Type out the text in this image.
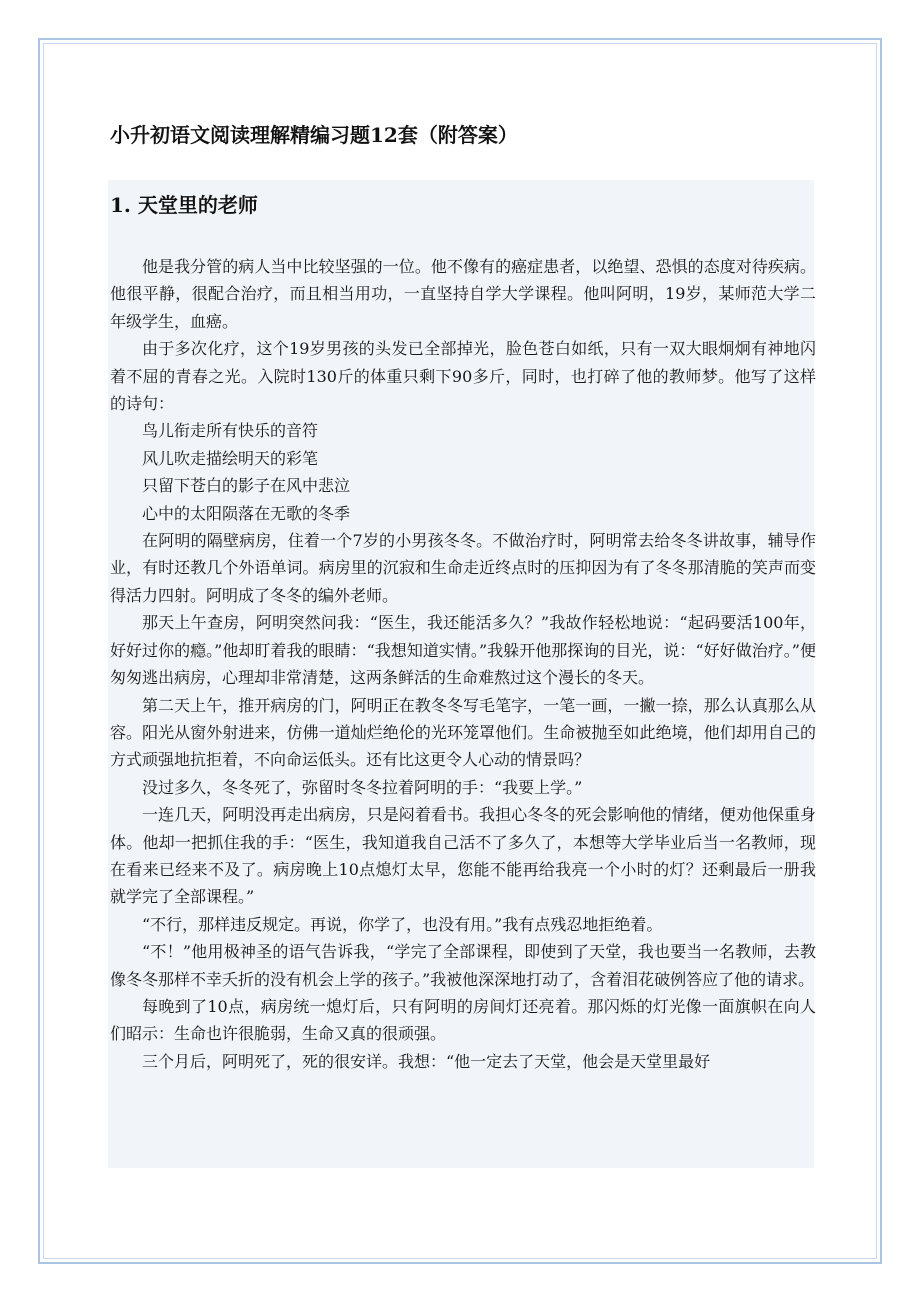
小升初语文阅读理解精编习题12套（附答案）
1. 天堂里的老师

他是我分管的病人当中比较坚强的一位。他不像有的癌症患者，以绝望、恐惧的态度对待疾病。他很平静，很配合治疗，而且相当用功，一直坚持自学大学课程。他叫阿明，19岁，某师范大学二年级学生，血癌。

由于多次化疗，这个19岁男孩的头发已全部掉光，脸色苍白如纸，只有一双大眼炯炯有神地闪着不屈的青春之光。入院时130斤的体重只剩下90多斤，同时，也打碎了他的教师梦。他写了这样的诗句：

鸟儿衔走所有快乐的音符

风儿吹走描绘明天的彩笔

只留下苍白的影子在风中悲泣

心中的太阳陨落在无歌的冬季

在阿明的隔壁病房，住着一个7岁的小男孩冬冬。不做治疗时，阿明常去给冬冬讲故事，辅导作业，有时还教几个外语单词。病房里的沉寂和生命走近终点时的压抑因为有了冬冬那清脆的笑声而变得活力四射。阿明成了冬冬的编外老师。

那天上午查房，阿明突然问我：“医生，我还能活多久？”我故作轻松地说：“起码要活100年，好好过你的瘾。”他却盯着我的眼睛：“我想知道实情。”我躲开他那探询的目光，说：“好好做治疗。”便匆匆逃出病房，心理却非常清楚，这两条鲜活的生命难熬过这个漫长的冬天。

第二天上午，推开病房的门，阿明正在教冬冬写毛笔字，一笔一画，一撇一捺，那么认真那么从容。阳光从窗外射进来，仿佛一道灿烂绝伦的光环笼罩他们。生命被抛至如此绝境，他们却用自己的方式顽强地抗拒着，不向命运低头。还有比这更令人心动的情景吗？

没过多久，冬冬死了，弥留时冬冬拉着阿明的手：“我要上学。”

一连几天，阿明没再走出病房，只是闷着看书。我担心冬冬的死会影响他的情绪，便劝他保重身体。他却一把抓住我的手：“医生，我知道我自己活不了多久了，本想等大学毕业后当一名教师，现在看来已经来不及了。病房晚上10点熄灯太早，您能不能再给我亮一个小时的灯？还剩最后一册我就学完了全部课程。”

“不行，那样违反规定。再说，你学了，也没有用。”我有点残忍地拒绝着。

“不！”他用极神圣的语气告诉我，“学完了全部课程，即使到了天堂，我也要当一名教师，去教像冬冬那样不幸夭折的没有机会上学的孩子。”我被他深深地打动了，含着泪花破例答应了他的请求。

每晚到了10点，病房统一熄灯后，只有阿明的房间灯还亮着。那闪烁的灯光像一面旗帜在向人们昭示：生命也许很脆弱，生命又真的很顽强。

三个月后，阿明死了，死的很安详。我想：“他一定去了天堂，他会是天堂里最好
